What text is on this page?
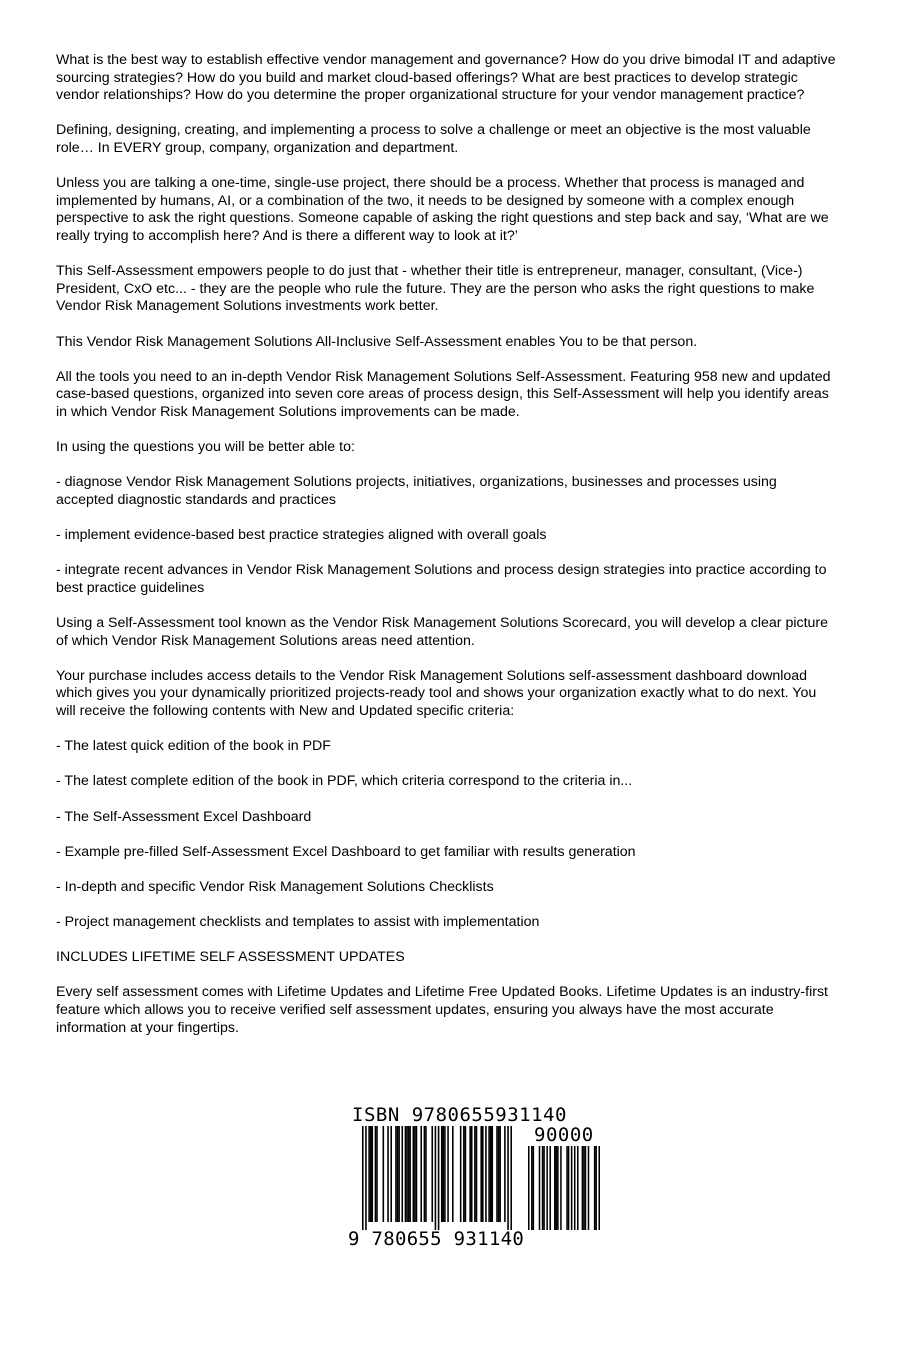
What is the best way to establish effective vendor management and governance? How do you drive bimodal IT and adaptive sourcing strategies? How do you build and market cloud-based offerings? What are best practices to develop strategic vendor relationships? How do you determine the proper organizational structure for your vendor management practice?

Defining, designing, creating, and implementing a process to solve a challenge or meet an objective is the most valuable role… In EVERY group, company, organization and department.

Unless you are talking a one-time, single-use project, there should be a process. Whether that process is managed and implemented by humans, AI, or a combination of the two, it needs to be designed by someone with a complex enough perspective to ask the right questions. Someone capable of asking the right questions and step back and say, ‘What are we really trying to accomplish here? And is there a different way to look at it?’

This Self-Assessment empowers people to do just that - whether their title is entrepreneur, manager, consultant, (Vice-) President, CxO etc... - they are the people who rule the future. They are the person who asks the right questions to make Vendor Risk Management Solutions investments work better.

This Vendor Risk Management Solutions All-Inclusive Self-Assessment enables You to be that person.

All the tools you need to an in-depth Vendor Risk Management Solutions Self-Assessment. Featuring 958 new and updated case-based questions, organized into seven core areas of process design, this Self-Assessment will help you identify areas in which Vendor Risk Management Solutions improvements can be made.

In using the questions you will be better able to:

- diagnose Vendor Risk Management Solutions projects, initiatives, organizations, businesses and processes using accepted diagnostic standards and practices

- implement evidence-based best practice strategies aligned with overall goals

- integrate recent advances in Vendor Risk Management Solutions and process design strategies into practice according to best practice guidelines

Using a Self-Assessment tool known as the Vendor Risk Management Solutions Scorecard, you will develop a clear picture of which Vendor Risk Management Solutions areas need attention.

Your purchase includes access details to the Vendor Risk Management Solutions self-assessment dashboard download which gives you your dynamically prioritized projects-ready tool and shows your organization exactly what to do next. You will receive the following contents with New and Updated specific criteria:

- The latest quick edition of the book in PDF

- The latest complete edition of the book in PDF, which criteria correspond to the criteria in...

- The Self-Assessment Excel Dashboard

- Example pre-filled Self-Assessment Excel Dashboard to get familiar with results generation

- In-depth and specific Vendor Risk Management Solutions Checklists

- Project management checklists and templates to assist with implementation

INCLUDES LIFETIME SELF ASSESSMENT UPDATES

Every self assessment comes with Lifetime Updates and Lifetime Free Updated Books. Lifetime Updates is an industry-first feature which allows you to receive verified self assessment updates, ensuring you always have the most accurate information at your fingertips.

ISBN 9780655931140
90000
9 780655 931140
